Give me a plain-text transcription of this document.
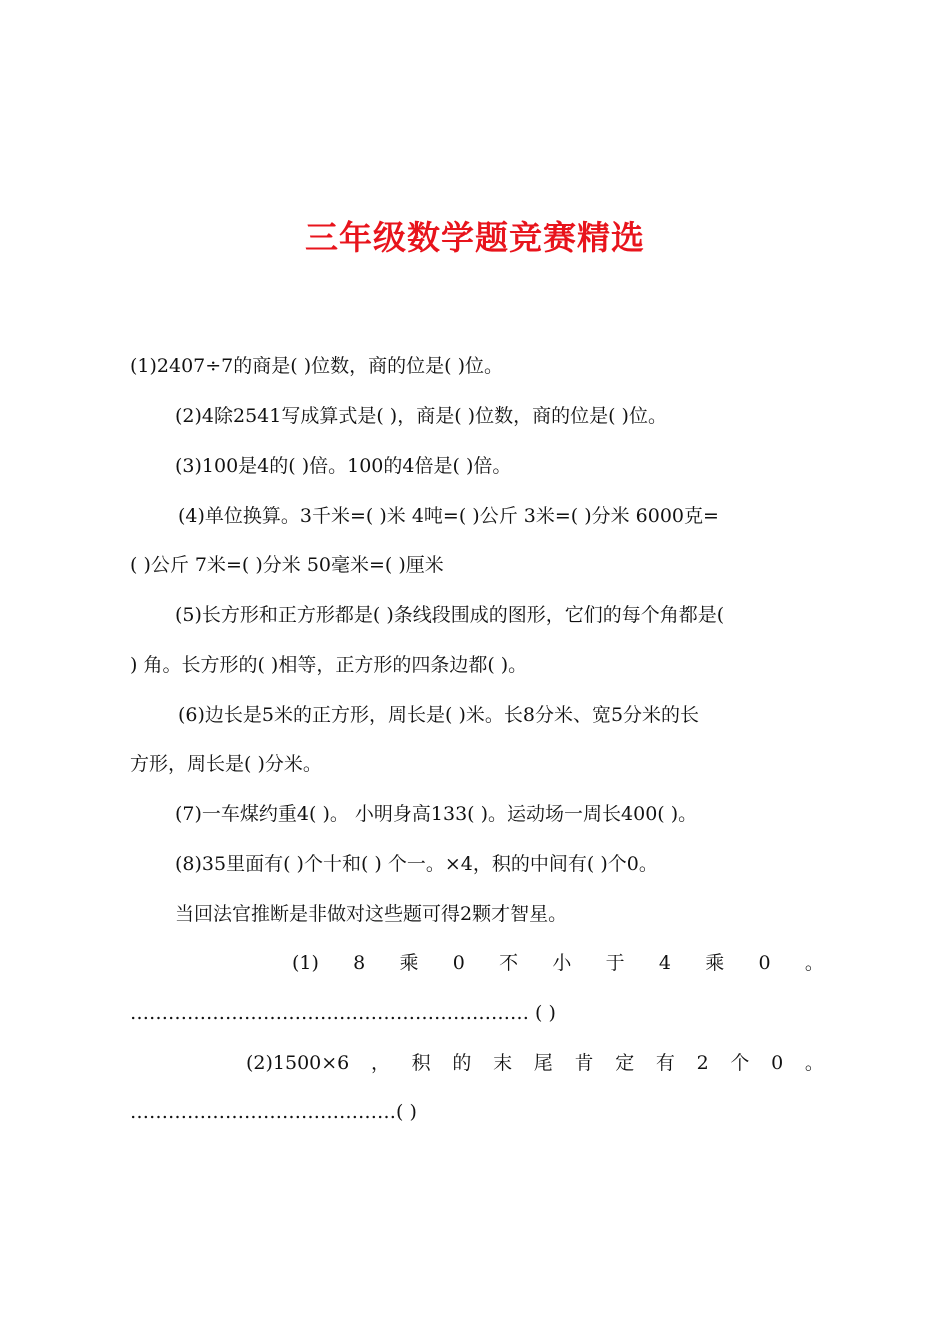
三年级数学题竞赛精选
(1)2407÷7的商是( )位数，商的位是( )位。
(2)4除2541写成算式是( )，商是( )位数，商的位是( )位。
(3)100是4的( )倍。100的4倍是( )倍。
(4)单位换算。3千米=( )米 4吨=( )公斤 3米=( )分米 6000克=
( )公斤 7米=( )分米 50毫米=( )厘米
(5)长方形和正方形都是( )条线段围成的图形，它们的每个角都是(
) 角。长方形的( )相等，正方形的四条边都( )。
(6)边长是5米的正方形，周长是( )米。长8分米、宽5分米的长
方形，周长是( )分米。
(7)一车煤约重4( )。 小明身高133( )。运动场一周长400( )。
(8)35里面有( )个十和( ) 个一。×4，积的中间有( )个0。
当回法官推断是非做对这些题可得2颗才智星。
(1) 8 乘 0 不 小 于 4 乘 0 。
……………………………………………………… ( )
(2)1500×6 ， 积 的 末 尾 肯 定 有 2 个 0 。
……………………………………( )
